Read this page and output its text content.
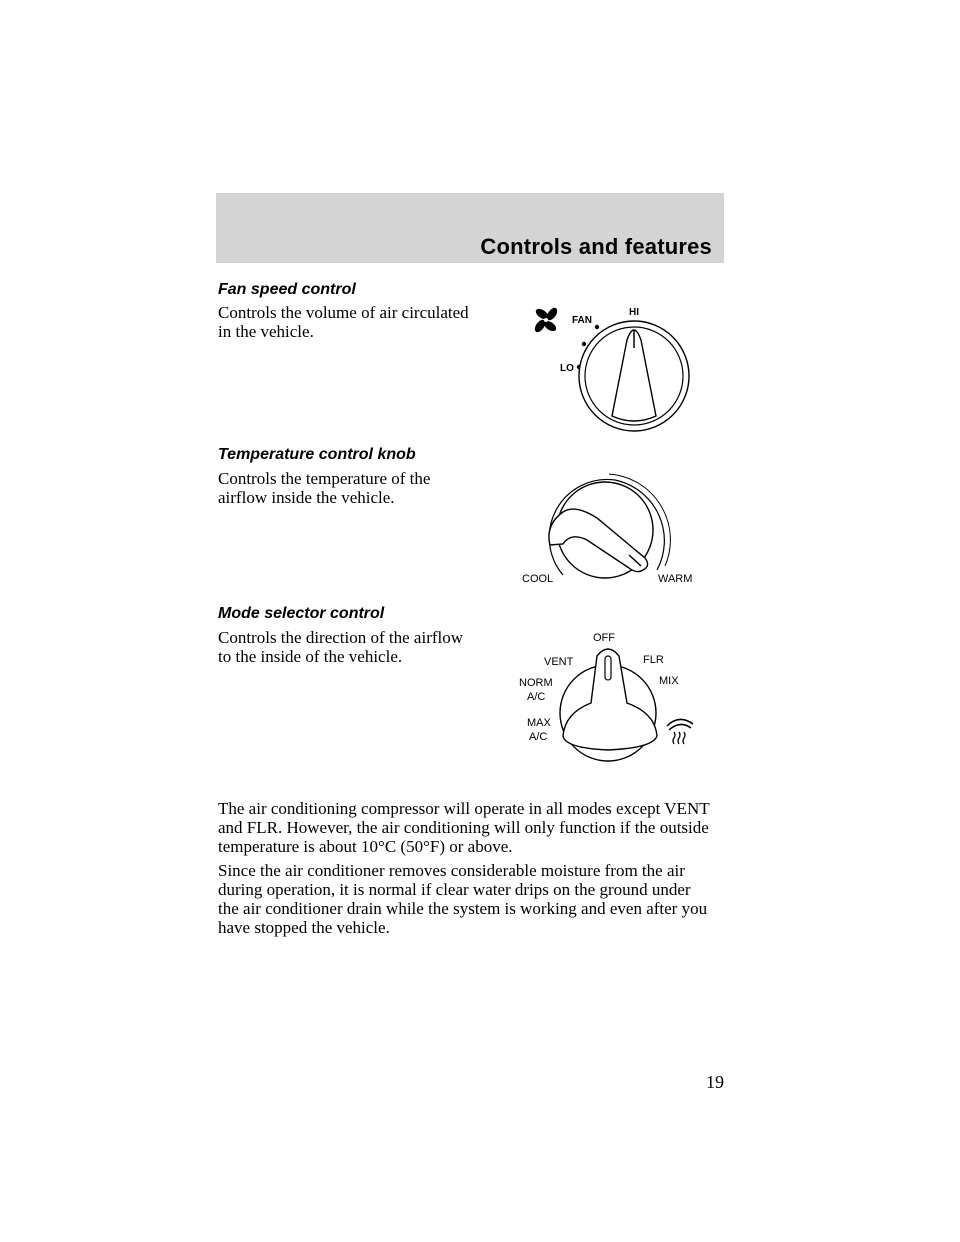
Controls and features
Fan speed control
Controls the volume of air circulated
in the vehicle.
FAN
HI
LO
Temperature control knob
Controls the temperature of the
airflow inside the vehicle.
COOL	WARM
Mode selector control
Controls the direction of the airflow
to the inside of the vehicle.
OFF
VENT	FLR
MIX
NORM
A/C
MAX
A/C
The air conditioning compressor will operate in all modes except VENT
and FLR. However, the air conditioning will only function if the outside
temperature is about 10°C (50°F) or above.
Since the air conditioner removes considerable moisture from the air
during operation, it is normal if clear water drips on the ground under
the air conditioner drain while the system is working and even after you
have stopped the vehicle.
19
